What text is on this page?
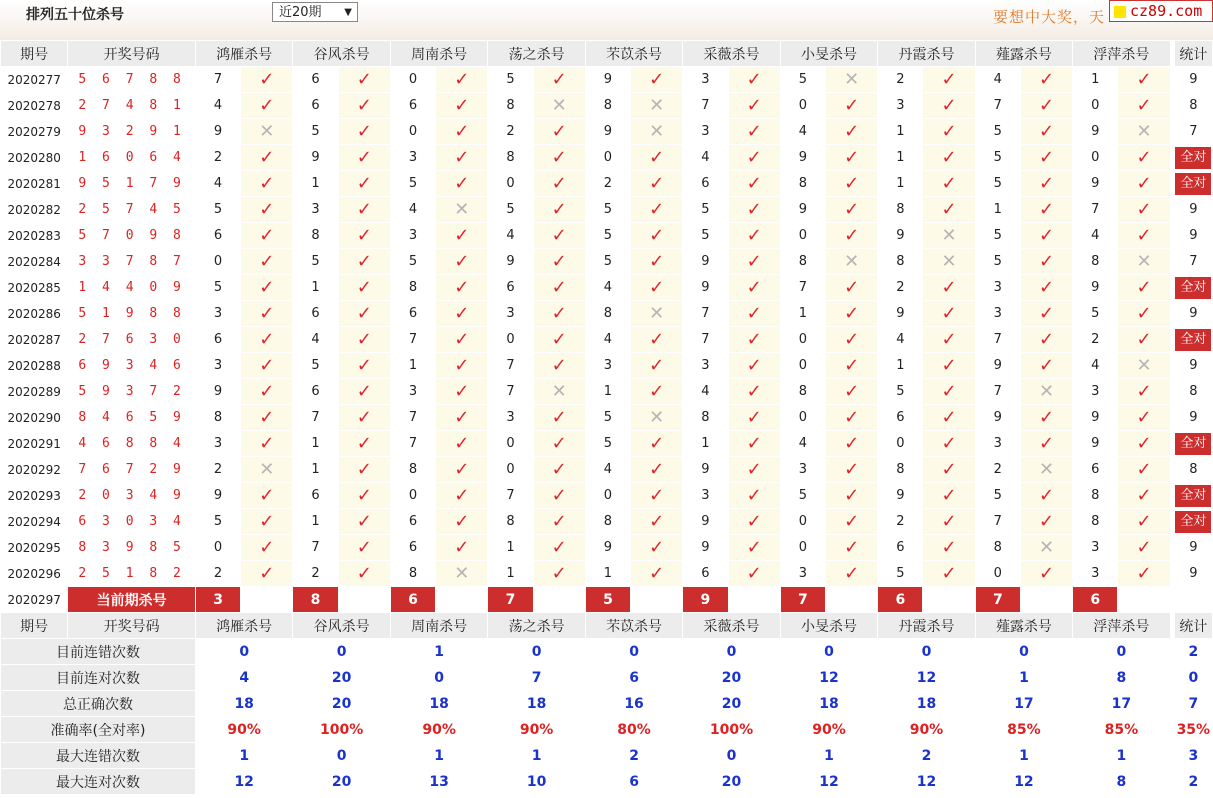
排列五十位杀号	近20期 ▼	要想中大奖，天 cz89.com
期号	开奖号码	鸿雁杀号		谷风杀号		周南杀号		荡之杀号		芣苡杀号		采薇杀号		小旻杀号		丹霞杀号		薤露杀号		浮萍杀号			统计
2020277	5 6 7 8 8	7	✓	6	✓	0	✓	5	✓	9	✓	3	✓	5	✕	2	✓	4	✓	1	✓		9
2020278	2 7 4 8 1	4	✓	6	✓	6	✓	8	✕	8	✕	7	✓	0	✓	3	✓	7	✓	0	✓		8
2020279	9 3 2 9 1	9	✕	5	✓	0	✓	2	✓	9	✕	3	✓	4	✓	1	✓	5	✓	9	✕		7
2020280	1 6 0 6 4	2	✓	9	✓	3	✓	8	✓	0	✓	4	✓	9	✓	1	✓	5	✓	0	✓		全对
2020281	9 5 1 7 9	4	✓	1	✓	5	✓	0	✓	2	✓	6	✓	8	✓	1	✓	5	✓	9	✓		全对
2020282	2 5 7 4 5	5	✓	3	✓	4	✕	5	✓	5	✓	5	✓	9	✓	8	✓	1	✓	7	✓		9
2020283	5 7 0 9 8	6	✓	8	✓	3	✓	4	✓	5	✓	5	✓	0	✓	9	✕	5	✓	4	✓		9
2020284	3 3 7 8 7	0	✓	5	✓	5	✓	9	✓	5	✓	9	✓	8	✕	8	✕	5	✓	8	✕		7
2020285	1 4 4 0 9	5	✓	1	✓	8	✓	6	✓	4	✓	9	✓	7	✓	2	✓	3	✓	9	✓		全对
2020286	5 1 9 8 8	3	✓	6	✓	6	✓	3	✓	8	✕	7	✓	1	✓	9	✓	3	✓	5	✓		9
2020287	2 7 6 3 0	6	✓	4	✓	7	✓	0	✓	4	✓	7	✓	0	✓	4	✓	7	✓	2	✓		全对
2020288	6 9 3 4 6	3	✓	5	✓	1	✓	7	✓	3	✓	3	✓	0	✓	1	✓	9	✓	4	✕		9
2020289	5 9 3 7 2	9	✓	6	✓	3	✓	7	✕	1	✓	4	✓	8	✓	5	✓	7	✕	3	✓		8
2020290	8 4 6 5 9	8	✓	7	✓	7	✓	3	✓	5	✕	8	✓	0	✓	6	✓	9	✓	9	✓		9
2020291	4 6 8 8 4	3	✓	1	✓	7	✓	0	✓	5	✓	1	✓	4	✓	0	✓	3	✓	9	✓		全对
2020292	7 6 7 2 9	2	✕	1	✓	8	✓	0	✓	4	✓	9	✓	3	✓	8	✓	2	✕	6	✓		8
2020293	2 0 3 4 9	9	✓	6	✓	0	✓	7	✓	0	✓	3	✓	5	✓	9	✓	5	✓	8	✓		全对
2020294	6 3 0 3 4	5	✓	1	✓	6	✓	8	✓	8	✓	9	✓	0	✓	2	✓	7	✓	8	✓		全对
2020295	8 3 9 8 5	0	✓	7	✓	6	✓	1	✓	9	✓	9	✓	0	✓	6	✓	8	✕	3	✓		9
2020296	2 5 1 8 2	2	✓	2	✓	8	✕	1	✓	1	✓	6	✓	3	✓	5	✓	0	✓	3	✓		9
2020297	当前期杀号	3		8		6		7		5		9		7		6		7		6			
期号	开奖号码	鸿雁杀号		谷风杀号		周南杀号		荡之杀号		芣苡杀号		采薇杀号		小旻杀号		丹霞杀号		薤露杀号		浮萍杀号			统计
目前连错次数		0		0		1		0		0		0		0		0		0		0			2
目前连对次数		4		20		0		7		6		20		12		12		1		8			0
总正确次数		18		20		18		18		16		20		18		18		17		17			7
准确率(全对率)		90%		100%		90%		90%		80%		100%		90%		90%		85%		85%			35%
最大连错次数		1		0		1		1		2		0		1		2		1		1			3
最大连对次数		12		20		13		10		6		20		12		12		12		8			2
